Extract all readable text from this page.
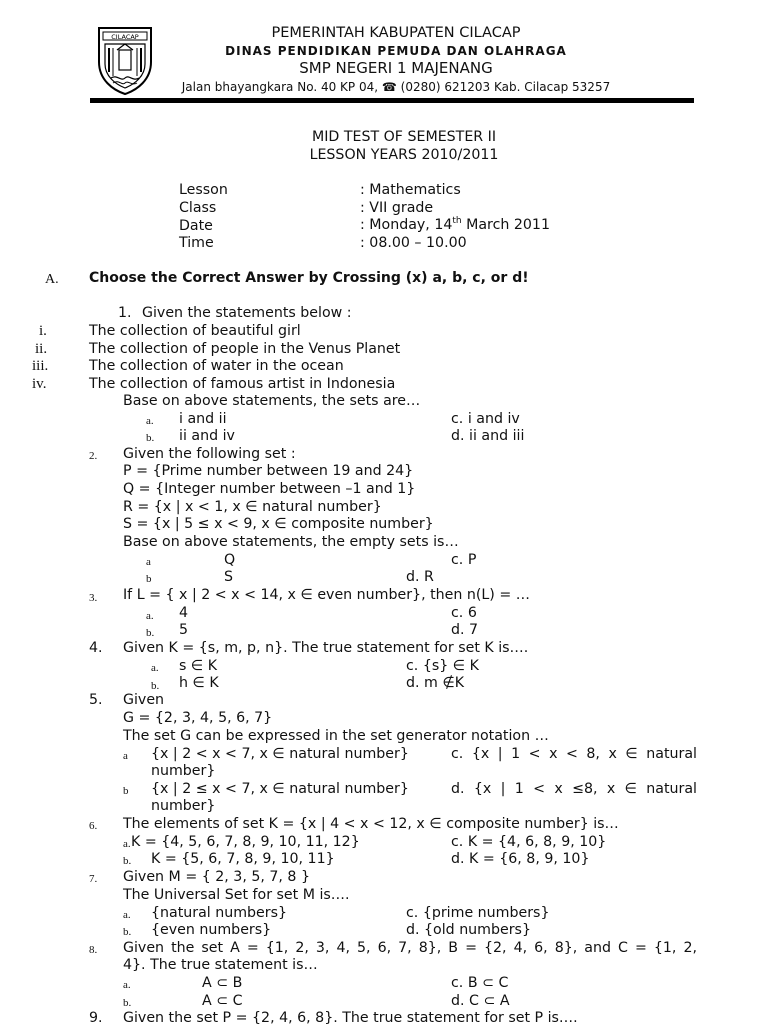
CILACAP	PEMERINTAH KABUPATEN CILACAP
DINAS PENDIDIKAN PEMUDA DAN OLAHRAGA
SMP NEGERI 1 MAJENANG
Jalan bhayangkara No. 40 KP 04, ☎ (0280) 621203 Kab. Cilacap 53257
MID TEST OF SEMESTER II
LESSON YEARS 2010/2011
Lesson	: Mathematics
Class	: VII grade
Date	: Monday, 14th March 2011
Time	: 08.00 – 10.00
A. Choose the Correct Answer by Crossing (x) a, b, c, or d!
1. Given the statements below :
i.	The collection of beautiful girl
ii.	The collection of people in the Venus Planet
iii.	The collection of water in the ocean
iv.	The collection of famous artist in Indonesia
Base on above statements, the sets are…
a. i and ii	c. i and iv
b. ii and iv	d. ii and iii
2. Given the following set :
P = {Prime number between 19 and 24}
Q = {Integer number between –1 and 1}
R = {x | x < 1, x ∈ natural number}
S = {x | 5 ≤ x < 9, x ∈ composite number}
Base on above statements, the empty sets is…
a	Q	c. P
b	S	d. R
3. If L = { x | 2 < x < 14, x ∈ even number}, then n(L) = …
a. 4	c. 6
b. 5	d. 7
4. Given K = {s, m, p, n}. The true statement for set K is….
a. s ∈ K	c. {s} ∈ K
b. h ∈ K	d. m ∉K
5. Given
G = {2, 3, 4, 5, 6, 7}
The set G can be expressed in the set generator notation …
a {x | 2 < x < 7, x ∈ natural number}	c. {x | 1 < x < 8, x ∈ natural
number}
b {x | 2 ≤ x < 7, x ∈ natural number}	d. {x | 1 < x ≤8, x ∈ natural
number}
6. The elements of set K = {x | 4 < x < 12, x ∈ composite number} is…
a. K = {4, 5, 6, 7, 8, 9, 10, 11, 12}	c. K = {4, 6, 8, 9, 10}
b. K = {5, 6, 7, 8, 9, 10, 11}	d. K = {6, 8, 9, 10}
7. Given M = { 2, 3, 5, 7, 8 }
The Universal Set for set M is….
a. {natural numbers}	c. {prime numbers}
b. {even numbers}	d. {old numbers}
8. Given the set A = {1, 2, 3, 4, 5, 6, 7, 8}, B = {2, 4, 6, 8}, and C = {1, 2,
4}. The true statement is…
a.	A ⊂ B	c. B ⊂ C
b.	A ⊂ C	d. C ⊂ A
9. Given the set P = {2, 4, 6, 8}. The true statement for set P is….
